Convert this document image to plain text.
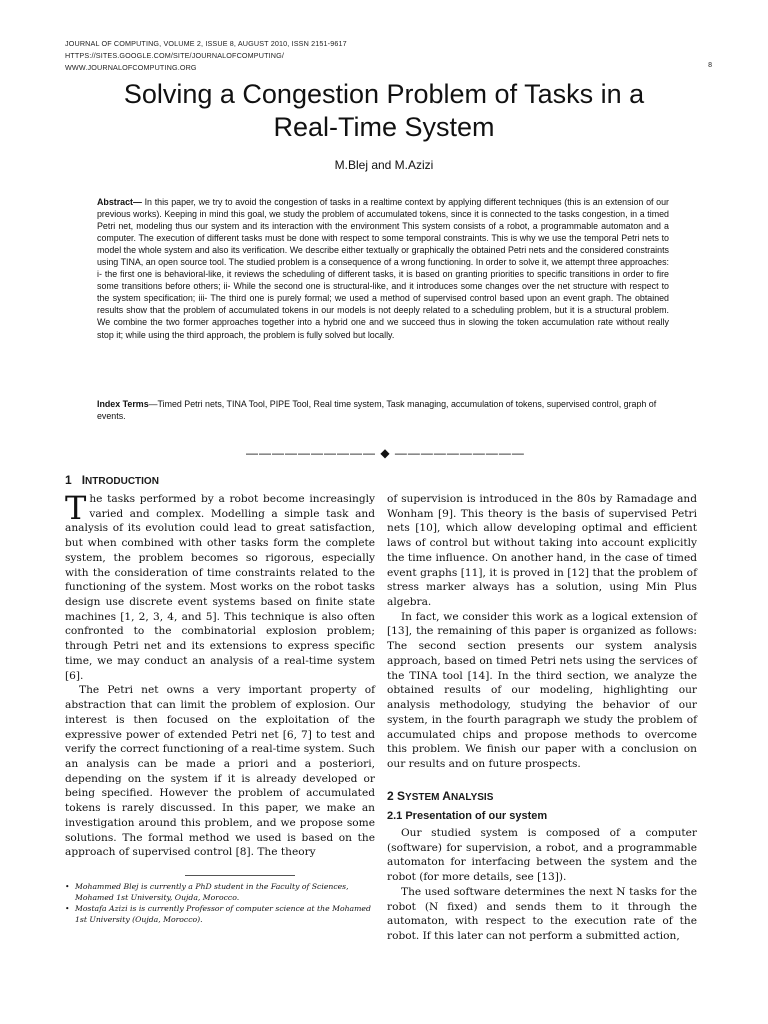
JOURNAL OF COMPUTING, VOLUME 2, ISSUE 8, AUGUST 2010, ISSN 2151-9617
HTTPS://SITES.GOOGLE.COM/SITE/JOURNALOFCOMPUTING/
WWW.JOURNALOFCOMPUTING.ORG	8
Solving a Congestion Problem of Tasks in a
Real-Time System
M.Blej and M.Azizi
Abstract— In this paper, we try to avoid the congestion of tasks in a realtime context by applying different techniques (this is an extension of our previous works). Keeping in mind this goal, we study the problem of accumulated tokens, since it is connected to the tasks congestion, in a timed Petri net, modeling thus our system and its interaction with the environment This system consists of a robot, a programmable automaton and a computer. The execution of different tasks must be done with respect to some temporal constraints. This is why we use the temporal Petri nets to model the whole system and also its verification. We describe either textually or graphically the obtained Petri nets and the considered constraints using TINA, an open source tool. The studied problem is a consequence of a wrong functioning. In order to solve it, we attempt three approaches: i- the first one is behavioral-like, it reviews the scheduling of different tasks, it is based on granting priorities to specific transitions in order to fire some transitions before others; ii- While the second one is structural-like, and it introduces some changes over the net structure with respect to the system specification; iii- The third one is purely formal; we used a method of supervised control based upon an event graph. The obtained results show that the problem of accumulated tokens in our models is not deeply related to a scheduling problem, but it is a structural problem. We combine the two former approaches together into a hybrid one and we succeed thus in slowing the token accumulation rate without really stop it; while using the third approach, the problem is fully solved but locally.
Index Terms—Timed Petri nets, TINA Tool, PIPE Tool, Real time system, Task managing, accumulation of tokens, supervised control, graph of events.
—————————— ◆ ——————————
1 INTRODUCTION

The tasks performed by a robot become increasingly varied and complex. Modelling a simple task and analysis of its evolution could lead to great satisfaction, but when combined with other tasks form the complete system, the problem becomes so rigorous, especially with the consideration of time constraints related to the functioning of the system. Most works on the robot tasks design use discrete event systems based on finite state machines [1, 2, 3, 4, and 5]. This technique is also often confronted to the combinatorial explosion problem; through Petri net and its extensions to express specific time, we may conduct an analysis of a real-time system [6].

The Petri net owns a very important property of abstraction that can limit the problem of explosion. Our interest is then focused on the exploitation of the expressive power of extended Petri net [6, 7] to test and verify the correct functioning of a real-time system. Such an analysis can be made a priori and a posteriori, depending on the system if it is already developed or being specified. However the problem of accumulated tokens is rarely discussed. In this paper, we make an investigation around this problem, and we propose some solutions. The formal method we used is based on the approach of supervised control [8]. The theory

• Mohammed Blej is currently a PhD student in the Faculty of Sciences, Mohamed 1st University, Oujda, Morocco.
• Mostafa Azizi is is currently Professor of computer science at the Mohamed 1st University (Oujda, Morocco).

of supervision is introduced in the 80s by Ramadage and Wonham [9]. This theory is the basis of supervised Petri nets [10], which allow developing optimal and efficient laws of control but without taking into account explicitly the time influence. On another hand, in the case of timed event graphs [11], it is proved in [12] that the problem of stress marker always has a solution, using Min Plus algebra.

In fact, we consider this work as a logical extension of [13], the remaining of this paper is organized as follows: The second section presents our system analysis approach, based on timed Petri nets using the services of the TINA tool [14]. In the third section, we analyze the obtained results of our modeling, highlighting our analysis methodology, studying the behavior of our system, in the fourth paragraph we study the problem of accumulated chips and propose methods to overcome this problem. We finish our paper with a conclusion on our results and on future prospects.

2 SYSTEM ANALYSIS
2.1 Presentation of our system

Our studied system is composed of a computer (software) for supervision, a robot, and a programmable automaton for interfacing between the system and the robot (for more details, see [13]).

The used software determines the next N tasks for the robot (N fixed) and sends them to it through the automaton, with respect to the execution rate of the robot. If this later can not perform a submitted action,
